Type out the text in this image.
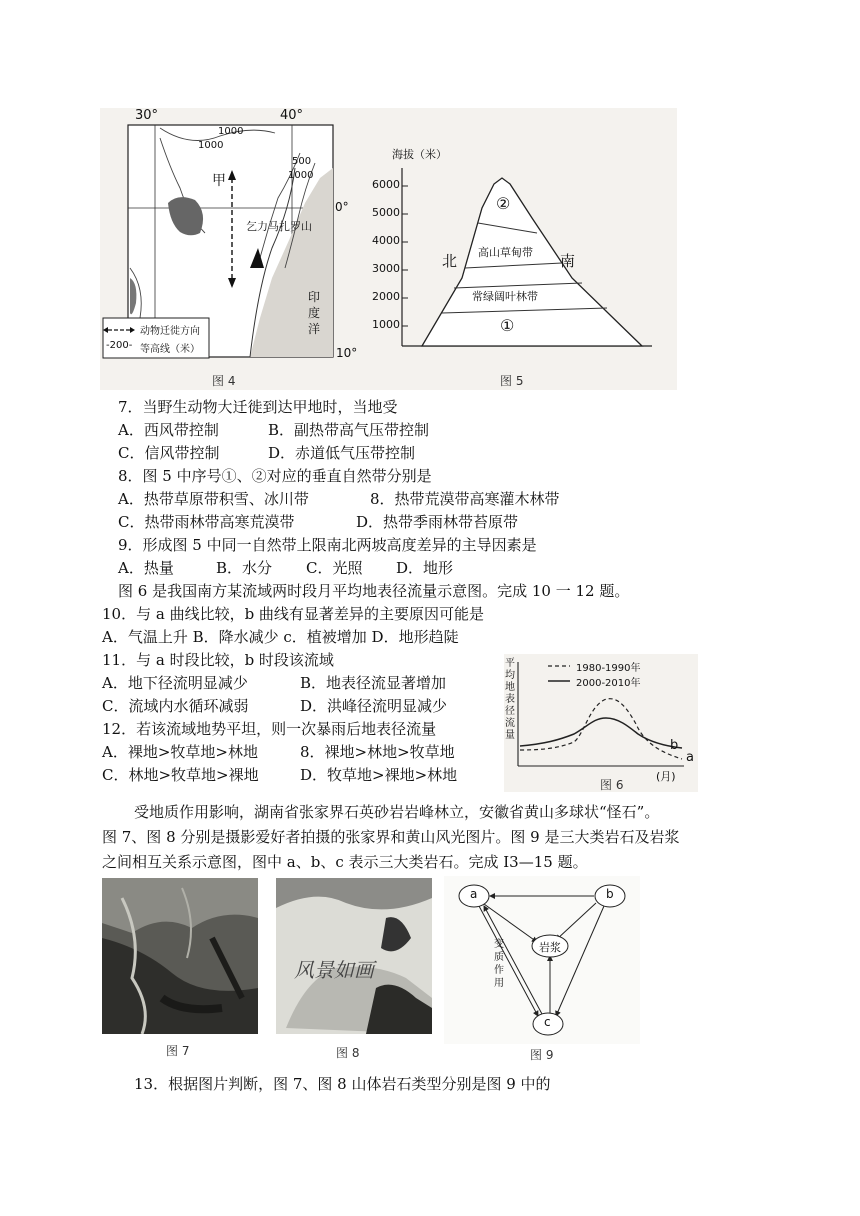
30°	40°
0°
10°
1000
1000
500
1000
甲
乞力马扎罗山
印
度
洋
动物迁徙方向
-200- 等高线（米）
图 4
海拔（米）
6000
5000
4000
3000
2000
1000
北	南
②
高山草甸带
常绿阔叶林带
①
图 5
7．当野生动物大迁徙到达甲地时，当地受
A．西风带控制	B．副热带高气压带控制
C．信风带控制	D．赤道低气压带控制
8．图 5 中序号①、②对应的垂直自然带分别是
A．热带草原带积雪、冰川带	8．热带荒漠带高寒灌木林带
C．热带雨林带高寒荒漠带	D．热带季雨林带苔原带
9．形成图 5 中同一自然带上限南北两坡高度差异的主导因素是
A．热量	B．水分 C．光照 D．地形
图 6 是我国南方某流域两时段月平均地表径流量示意图。完成 10 一 12 题。
10．与 a 曲线比较，b 曲线有显著差异的主要原因可能是
A．气温上升 B．降水减少 c．植被增加 D．地形趋陡
11．与 a 时段比较，b 时段该流域
A．地下径流明显减少	B．地表径流显著增加
C．流域内水循环减弱	D．洪峰径流明显减少
12．若该流域地势平坦，则一次暴雨后地表径流量
A．裸地>牧草地>林地	8．裸地>林地>牧草地
C．林地>牧草地>裸地	D．牧草地>裸地>林地
平
均
地
表
径
流
量
1980-1990年
2000-2010年
b
a
(月)
图 6
受地质作用影响，湖南省张家界石英砂岩岩峰林立，安徽省黄山多球状“怪石”。
图 7、图 8 分别是摄影爱好者拍摄的张家界和黄山风光图片。图 9 是三大类岩石及岩浆
之间相互关系示意图，图中 a、b、c 表示三大类岩石。完成 I3—15 题。
图 7
风景如画
图 8
a	b
岩浆
c
变
质
作
用
图 9
13．根据图片判断，图 7、图 8 山体岩石类型分别是图 9 中的
